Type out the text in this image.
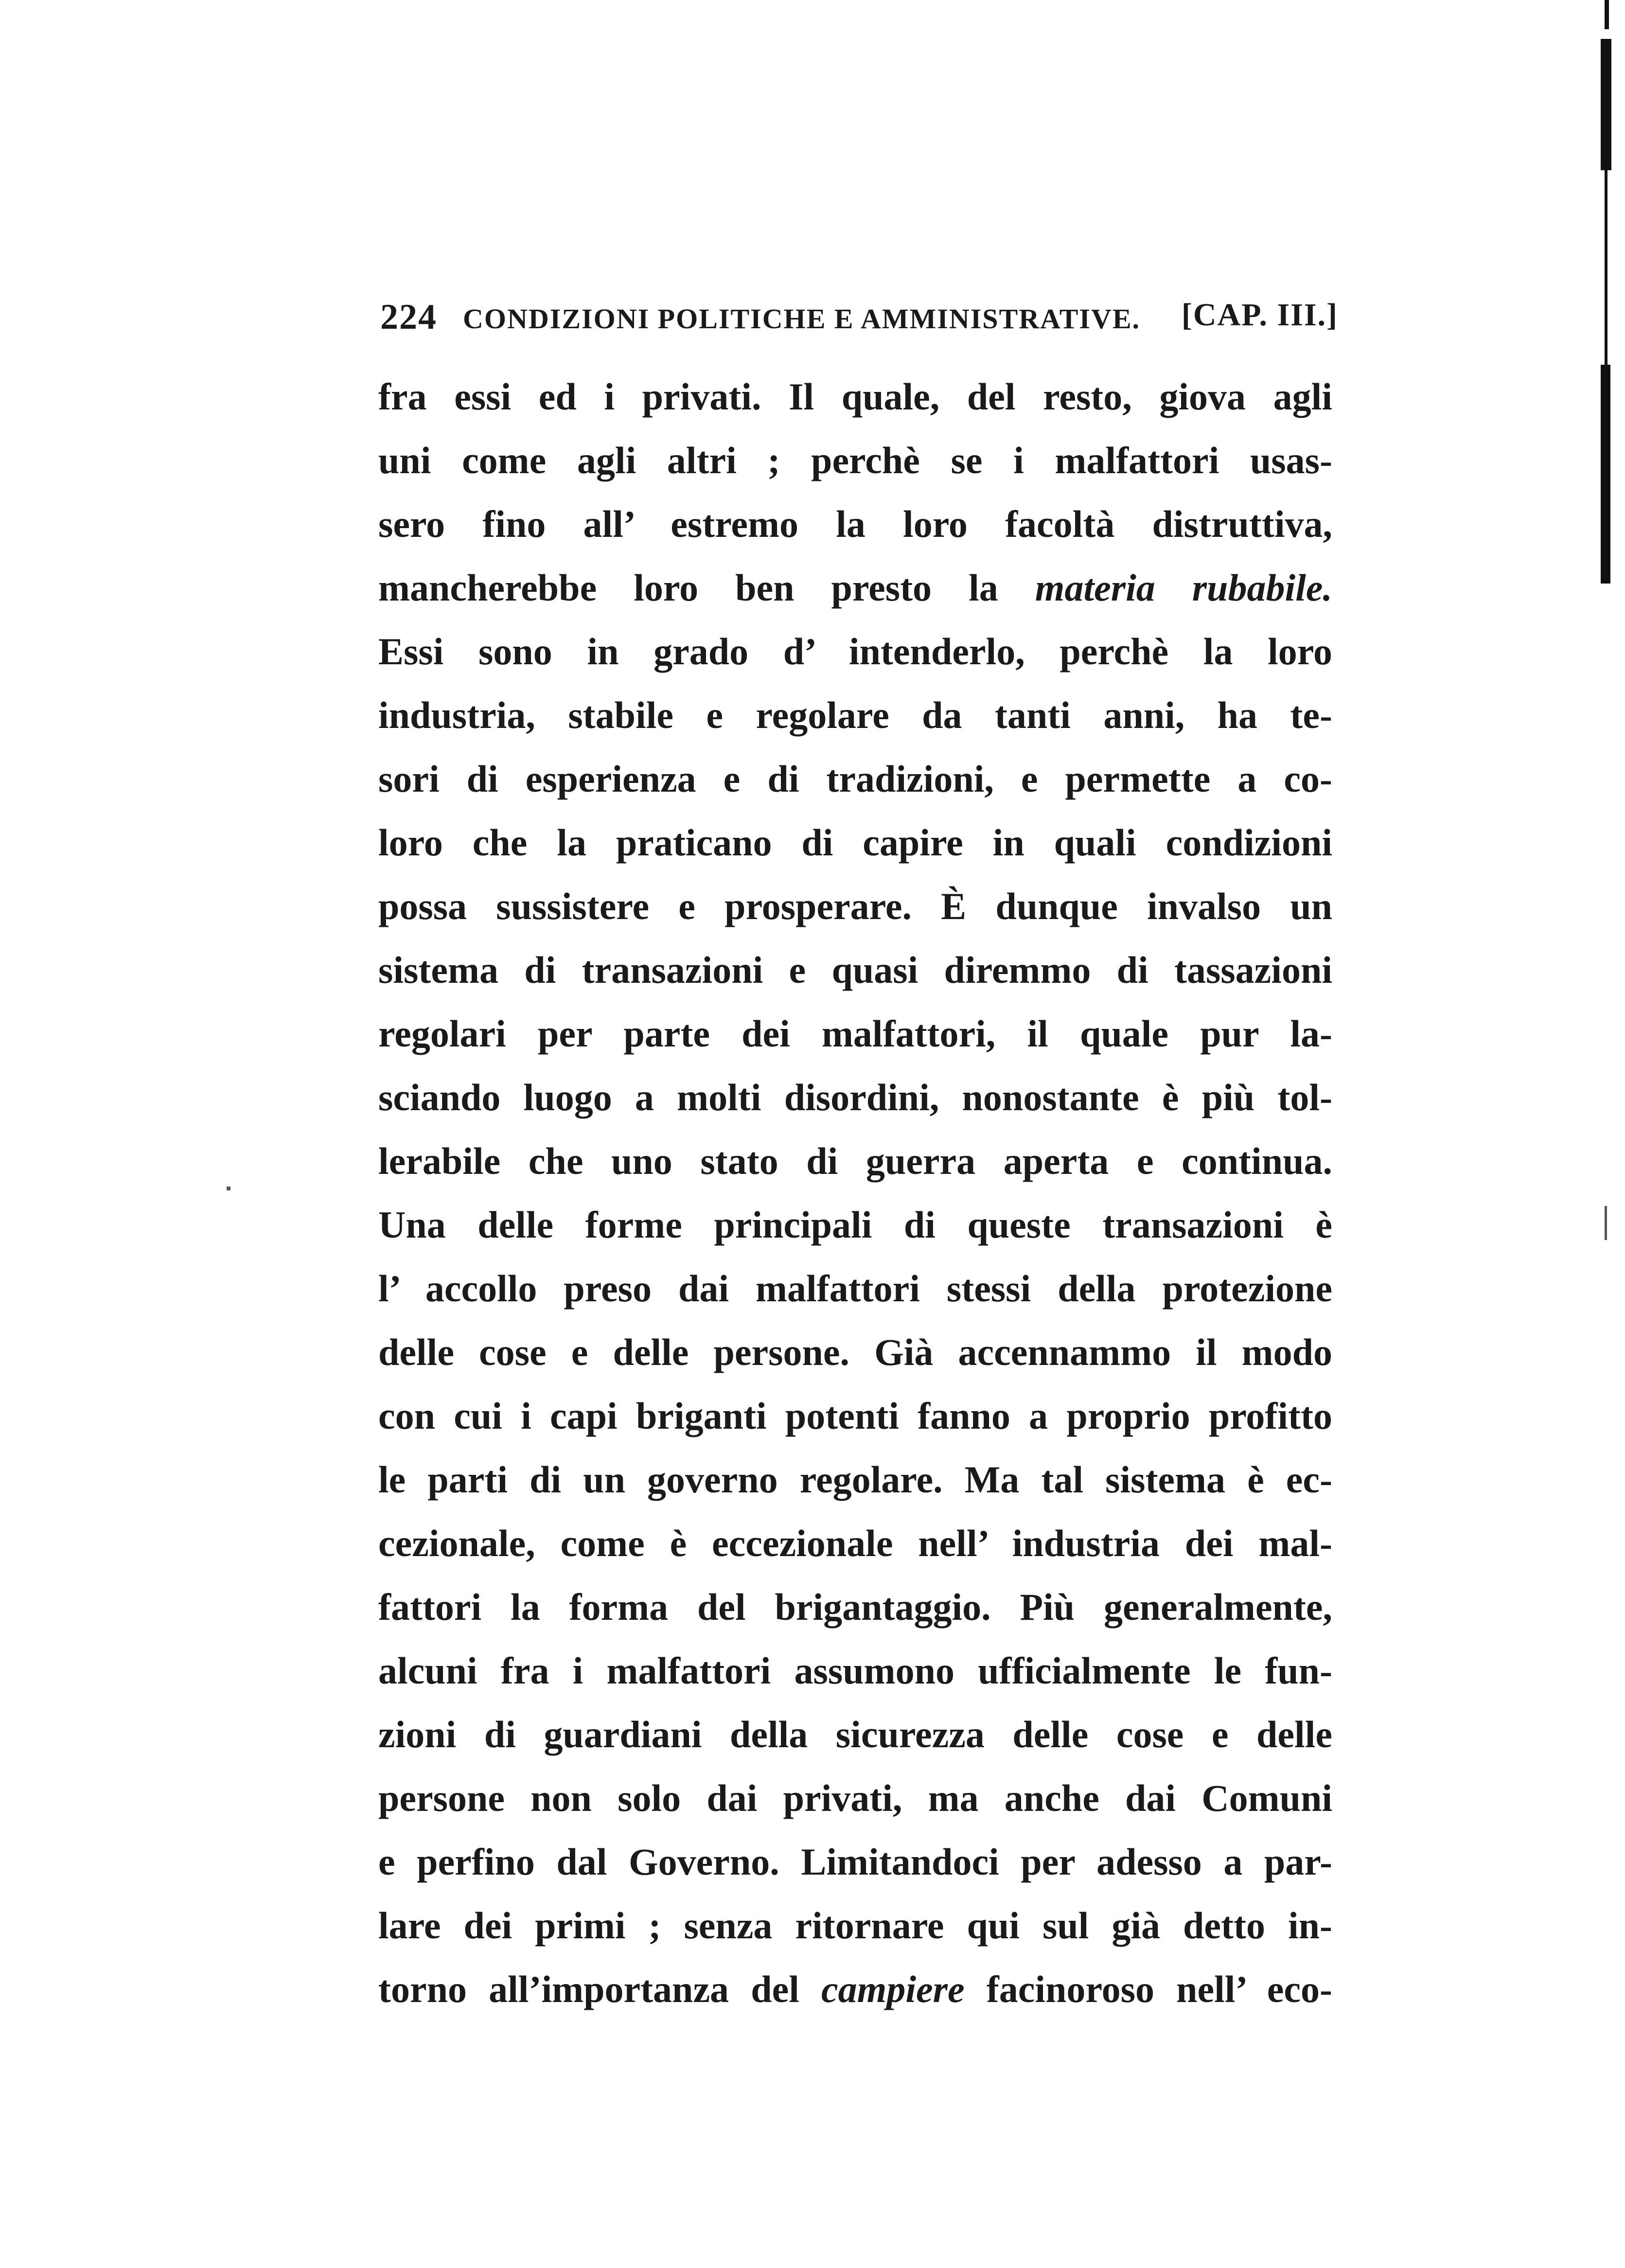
224 CONDIZIONI POLITICHE E AMMINISTRATIVE. [CAP. III.]
fra essi ed i privati. Il quale, del resto, giova agli
uni come agli altri ; perchè se i malfattori usas-
sero fino all’ estremo la loro facoltà distruttiva,
mancherebbe loro ben presto la materia rubabile.
Essi sono in grado d’ intenderlo, perchè la loro
industria, stabile e regolare da tanti anni, ha te-
sori di esperienza e di tradizioni, e permette a co-
loro che la praticano di capire in quali condizioni
possa sussistere e prosperare. È dunque invalso un
sistema di transazioni e quasi diremmo di tassazioni
regolari per parte dei malfattori, il quale pur la-
sciando luogo a molti disordini, nonostante è più tol-
lerabile che uno stato di guerra aperta e continua.
Una delle forme principali di queste transazioni è
l’ accollo preso dai malfattori stessi della protezione
delle cose e delle persone. Già accennammo il modo
con cui i capi briganti potenti fanno a proprio profitto
le parti di un governo regolare. Ma tal sistema è ec-
cezionale, come è eccezionale nell’ industria dei mal-
fattori la forma del brigantaggio. Più generalmente,
alcuni fra i malfattori assumono ufficialmente le fun-
zioni di guardiani della sicurezza delle cose e delle
persone non solo dai privati, ma anche dai Comuni
e perfino dal Governo. Limitandoci per adesso a par-
lare dei primi ; senza ritornare qui sul già detto in-
torno all’importanza del campiere facinoroso nell’ eco-
